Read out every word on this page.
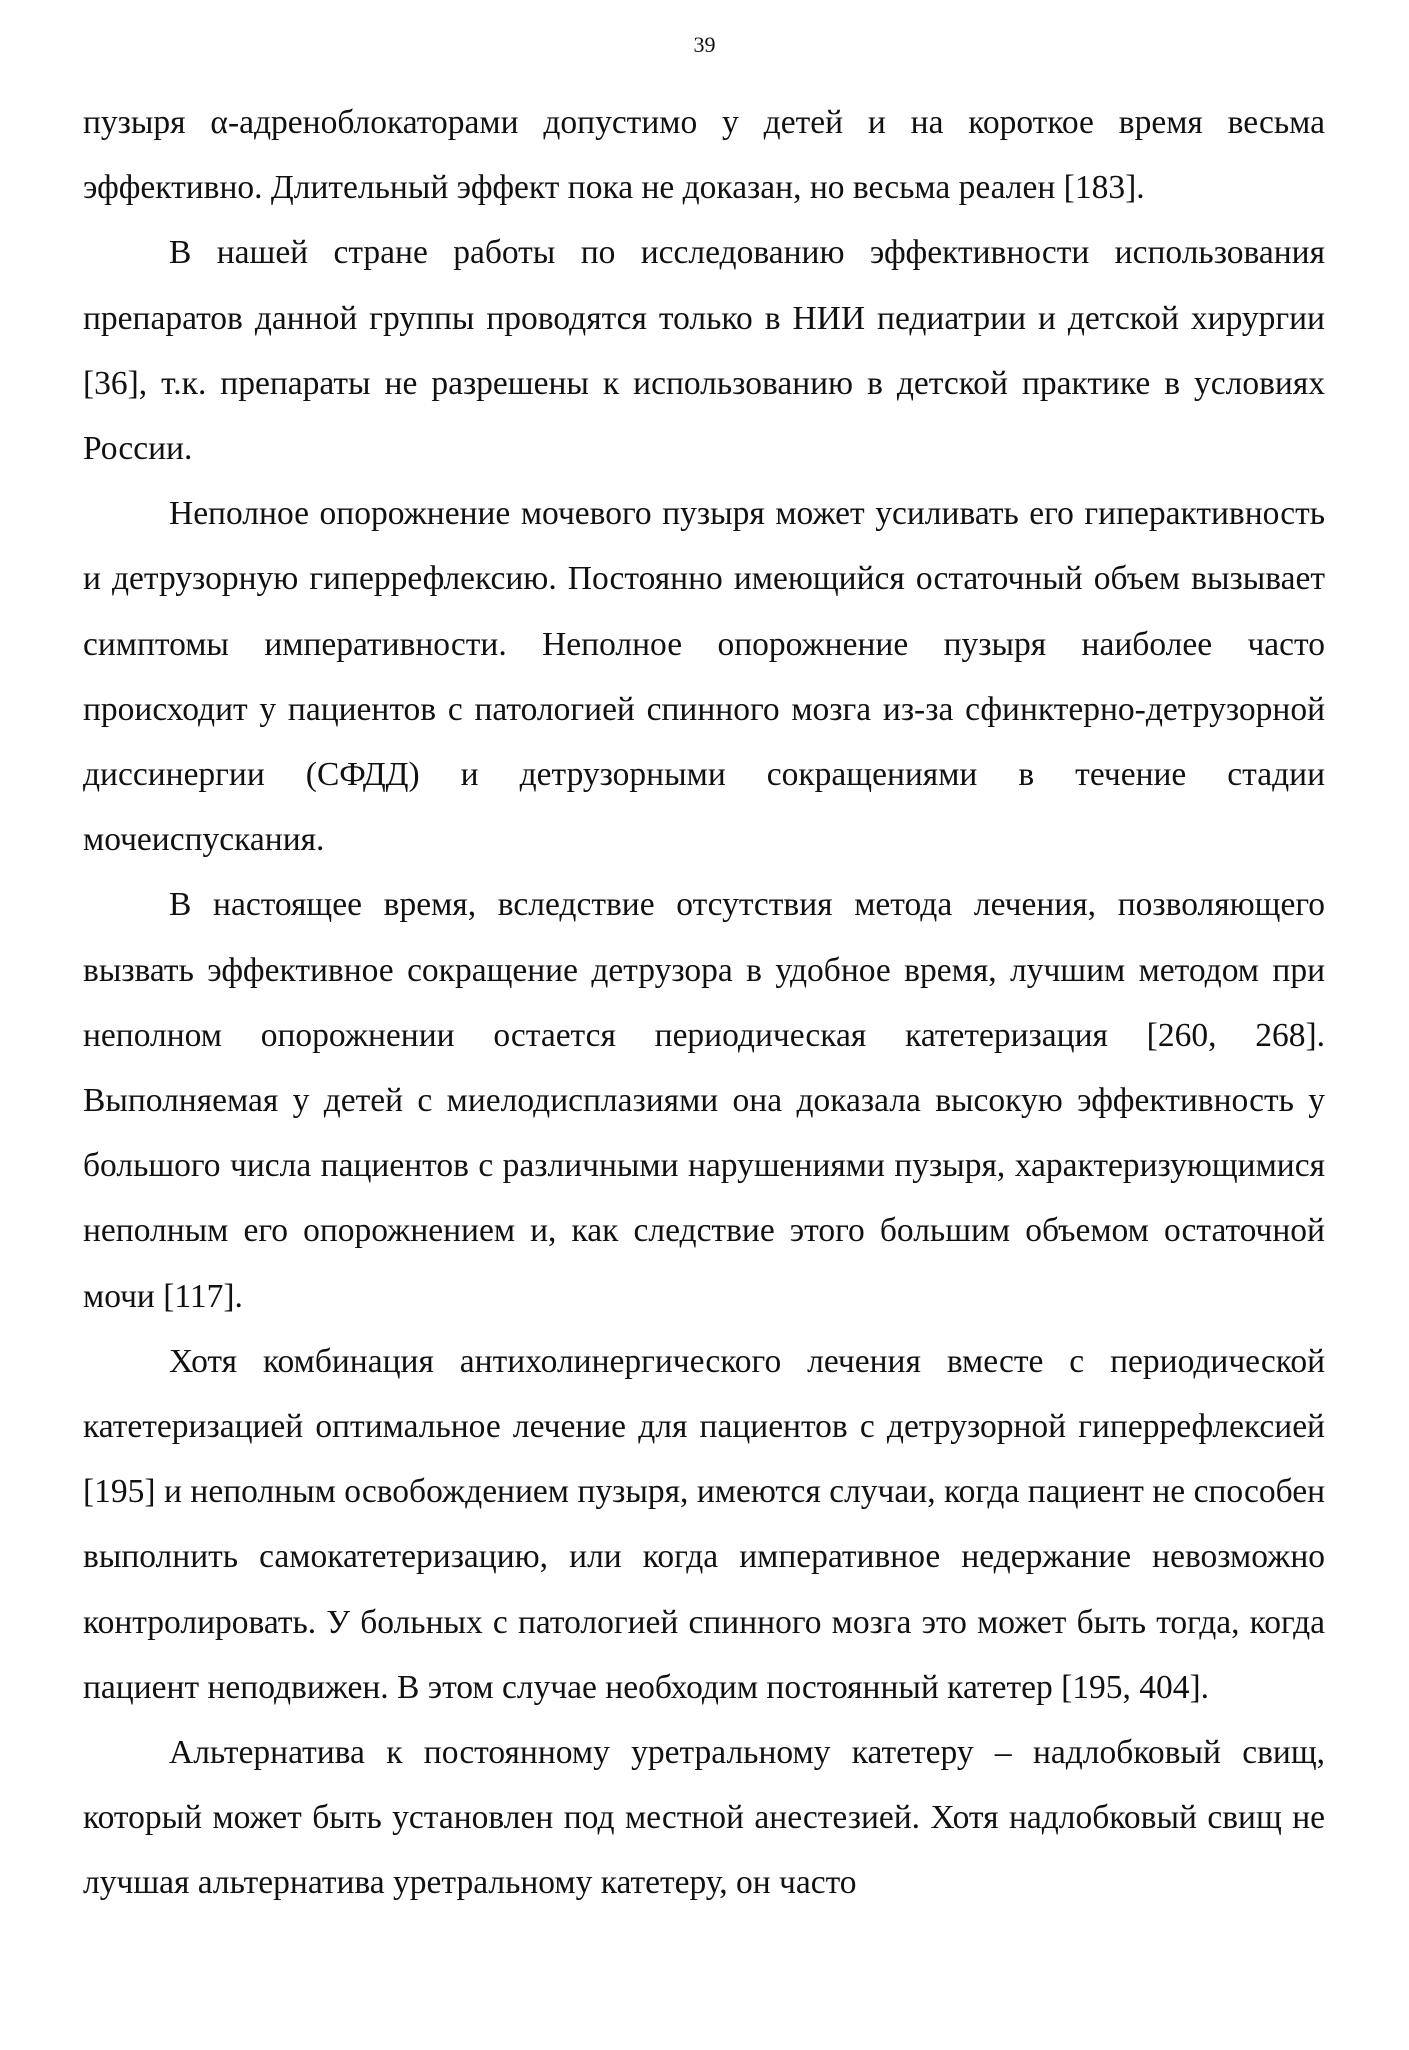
39

пузыря α-адреноблокаторами допустимо у детей и на короткое время весьма эффективно. Длительный эффект пока не доказан, но весьма реален [183].

В нашей стране работы по исследованию эффективности использования препаратов данной группы проводятся только в НИИ педиатрии и детской хирургии [36], т.к. препараты не разрешены к использованию в детской практике в условиях России.

Неполное опорожнение мочевого пузыря может усиливать его гиперактивность и детрузорную гиперрефлексию. Постоянно имеющийся остаточный объем вызывает симптомы императивности. Неполное опорожнение пузыря наиболее часто происходит у пациентов с патологией спинного мозга из-за сфинктерно-детрузорной диссинергии (СФДД) и детрузорными сокращениями в течение стадии мочеиспускания.

В настоящее время, вследствие отсутствия метода лечения, позволяющего вызвать эффективное сокращение детрузора в удобное время, лучшим методом при неполном опорожнении остается периодическая катетеризация [260, 268]. Выполняемая у детей с миелодисплазиями она доказала высокую эффективность у большого числа пациентов с различными нарушениями пузыря, характеризующимися неполным его опорожнением и, как следствие этого большим объемом остаточной мочи [117].

Хотя комбинация антихолинергического лечения вместе с периодической катетеризацией оптимальное лечение для пациентов с детрузорной гиперрефлексией [195] и неполным освобождением пузыря, имеются случаи, когда пациент не способен выполнить самокатетеризацию, или когда императивное недержание невозможно контролировать. У больных с патологией спинного мозга это может быть тогда, когда пациент неподвижен. В этом случае необходим постоянный катетер [195, 404].

Альтернатива к постоянному уретральному катетеру – надлобковый свищ, который может быть установлен под местной анестезией. Хотя надлобковый свищ не лучшая альтернатива уретральному катетеру, он часто
